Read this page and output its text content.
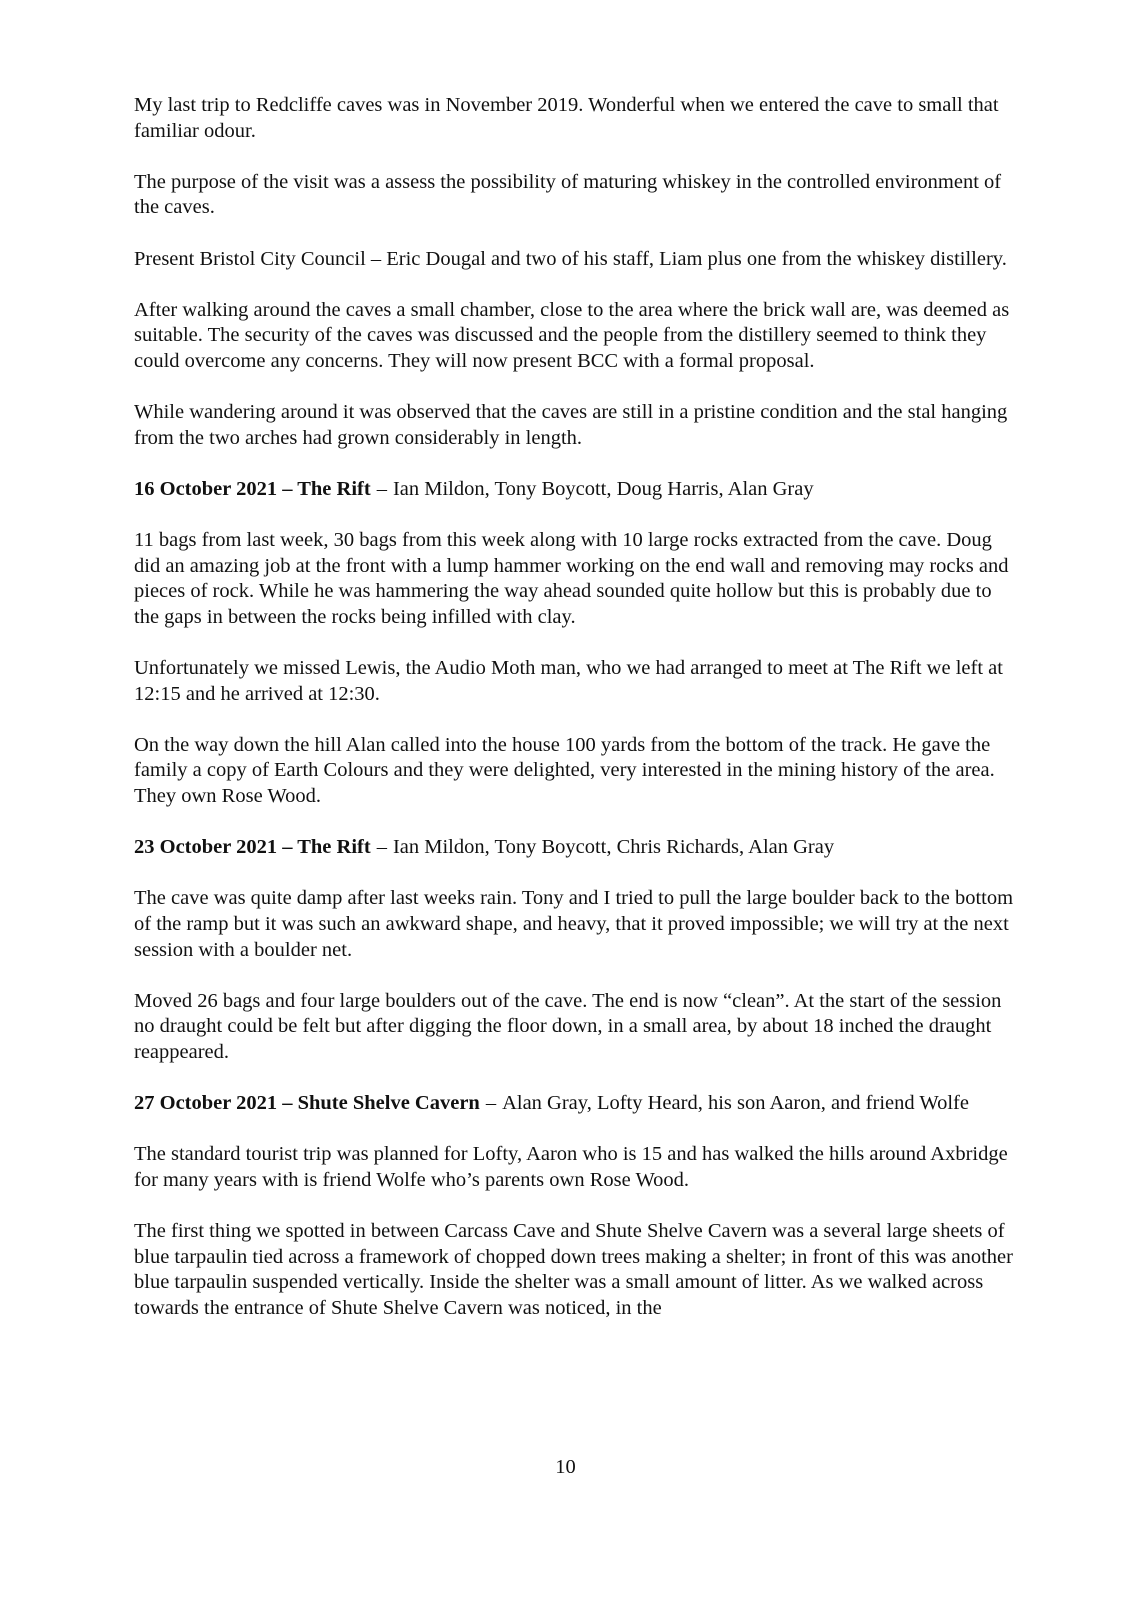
My last trip to Redcliffe caves was in November 2019. Wonderful when we entered the cave to small that familiar odour.

The purpose of the visit was a assess the possibility of maturing whiskey in the controlled environment of the caves.

Present Bristol City Council – Eric Dougal and two of his staff, Liam plus one from the whiskey distillery.

After walking around the caves a small chamber, close to the area where the brick wall are, was deemed as suitable. The security of the caves was discussed and the people from the distillery seemed to think they could overcome any concerns. They will now present BCC with a formal proposal.

While wandering around it was observed that the caves are still in a pristine condition and the stal hanging from the two arches had grown considerably in length.

16 October 2021 – The Rift – Ian Mildon, Tony Boycott, Doug Harris, Alan Gray

11 bags from last week, 30 bags from this week along with 10 large rocks extracted from the cave. Doug did an amazing job at the front with a lump hammer working on the end wall and removing may rocks and pieces of rock. While he was hammering the way ahead sounded quite hollow but this is probably due to the gaps in between the rocks being infilled with clay.

Unfortunately we missed Lewis, the Audio Moth man, who we had arranged to meet at The Rift we left at 12:15 and he arrived at 12:30.

On the way down the hill Alan called into the house 100 yards from the bottom of the track. He gave the family a copy of Earth Colours and they were delighted, very interested in the mining history of the area. They own Rose Wood.

23 October 2021 – The Rift – Ian Mildon, Tony Boycott, Chris Richards, Alan Gray

The cave was quite damp after last weeks rain. Tony and I tried to pull the large boulder back to the bottom of the ramp but it was such an awkward shape, and heavy, that it proved impossible; we will try at the next session with a boulder net.

Moved 26 bags and four large boulders out of the cave. The end is now “clean”. At the start of the session no draught could be felt but after digging the floor down, in a small area, by about 18 inched the draught reappeared.

27 October 2021 – Shute Shelve Cavern – Alan Gray, Lofty Heard, his son Aaron, and friend Wolfe

The standard tourist trip was planned for Lofty, Aaron who is 15 and has walked the hills around Axbridge for many years with is friend Wolfe who’s parents own Rose Wood.

The first thing we spotted in between Carcass Cave and Shute Shelve Cavern was a several large sheets of blue tarpaulin tied across a framework of chopped down trees making a shelter; in front of this was another blue tarpaulin suspended vertically. Inside the shelter was a small amount of litter. As we walked across towards the entrance of Shute Shelve Cavern was noticed, in the

10
